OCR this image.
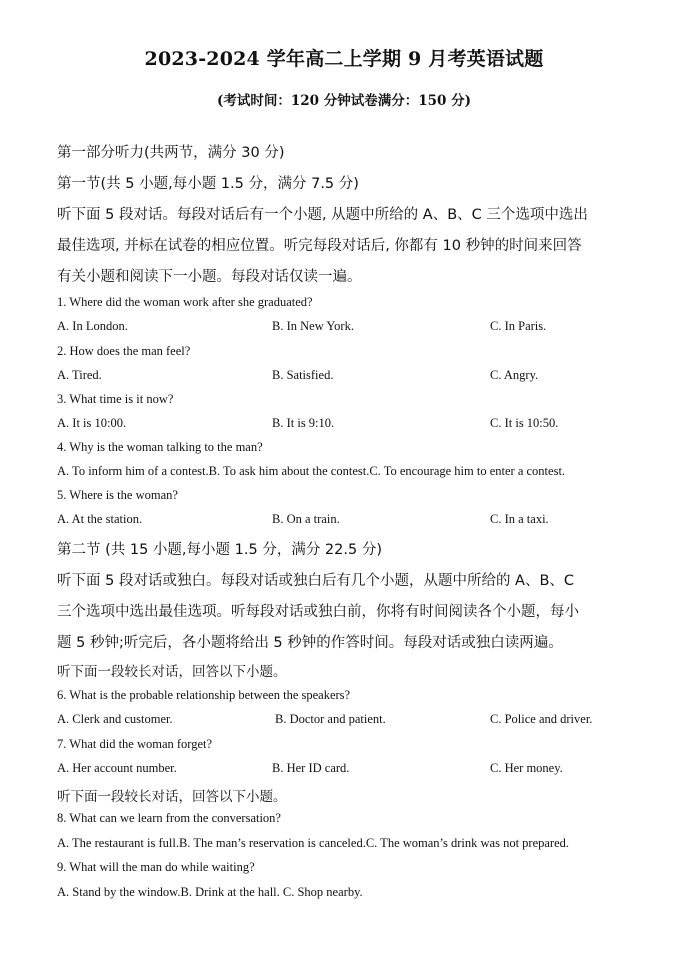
2023-2024 学年高二上学期 9 月考英语试题
(考试时间：120 分钟试卷满分：150 分)
第一部分听力(共两节，满分 30 分)
第一节(共 5 小题,每小题 1.5 分，满分 7.5 分)
听下面 5 段对话。每段对话后有一个小题, 从题中所给的 A、B、C 三个选项中选出
最佳选项, 并标在试卷的相应位置。听完每段对话后, 你都有 10 秒钟的时间来回答
有关小题和阅读下一小题。每段对话仅读一遍。
1. Where did the woman work after she graduated?
A. In London.	B. In New York.	C. In Paris.
2. How does the man feel?
A. Tired.	B. Satisfied.	C. Angry.
3. What time is it now?
A. It is 10:00.	B. It is 9:10.	C. It is 10:50.
4. Why is the woman talking to the man?
A. To inform him of a contest.B. To ask him about the contest.C. To encourage him to enter a contest.
5. Where is the woman?
A. At the station.	B. On a train.	C. In a taxi.
第二节 (共 15 小题,每小题 1.5 分，满分 22.5 分)
听下面 5 段对话或独白。每段对话或独白后有几个小题，从题中所给的 A、B、C
三个选项中选出最佳选项。听每段对话或独白前，你将有时间阅读各个小题，每小
题 5 秒钟;听完后，各小题将给出 5 秒钟的作答时间。每段对话或独白读两遍。
听下面一段较长对话，回答以下小题。
6. What is the probable relationship between the speakers?
A. Clerk and customer.	B. Doctor and patient.	C. Police and driver.
7. What did the woman forget?
A. Her account number.	B. Her ID card.	C. Her money.
听下面一段较长对话，回答以下小题。
8. What can we learn from the conversation?
A. The restaurant is full.B. The man’s reservation is canceled.C. The woman’s drink was not prepared.
9. What will the man do while waiting?
A. Stand by the window.B. Drink at the hall. C. Shop nearby.
